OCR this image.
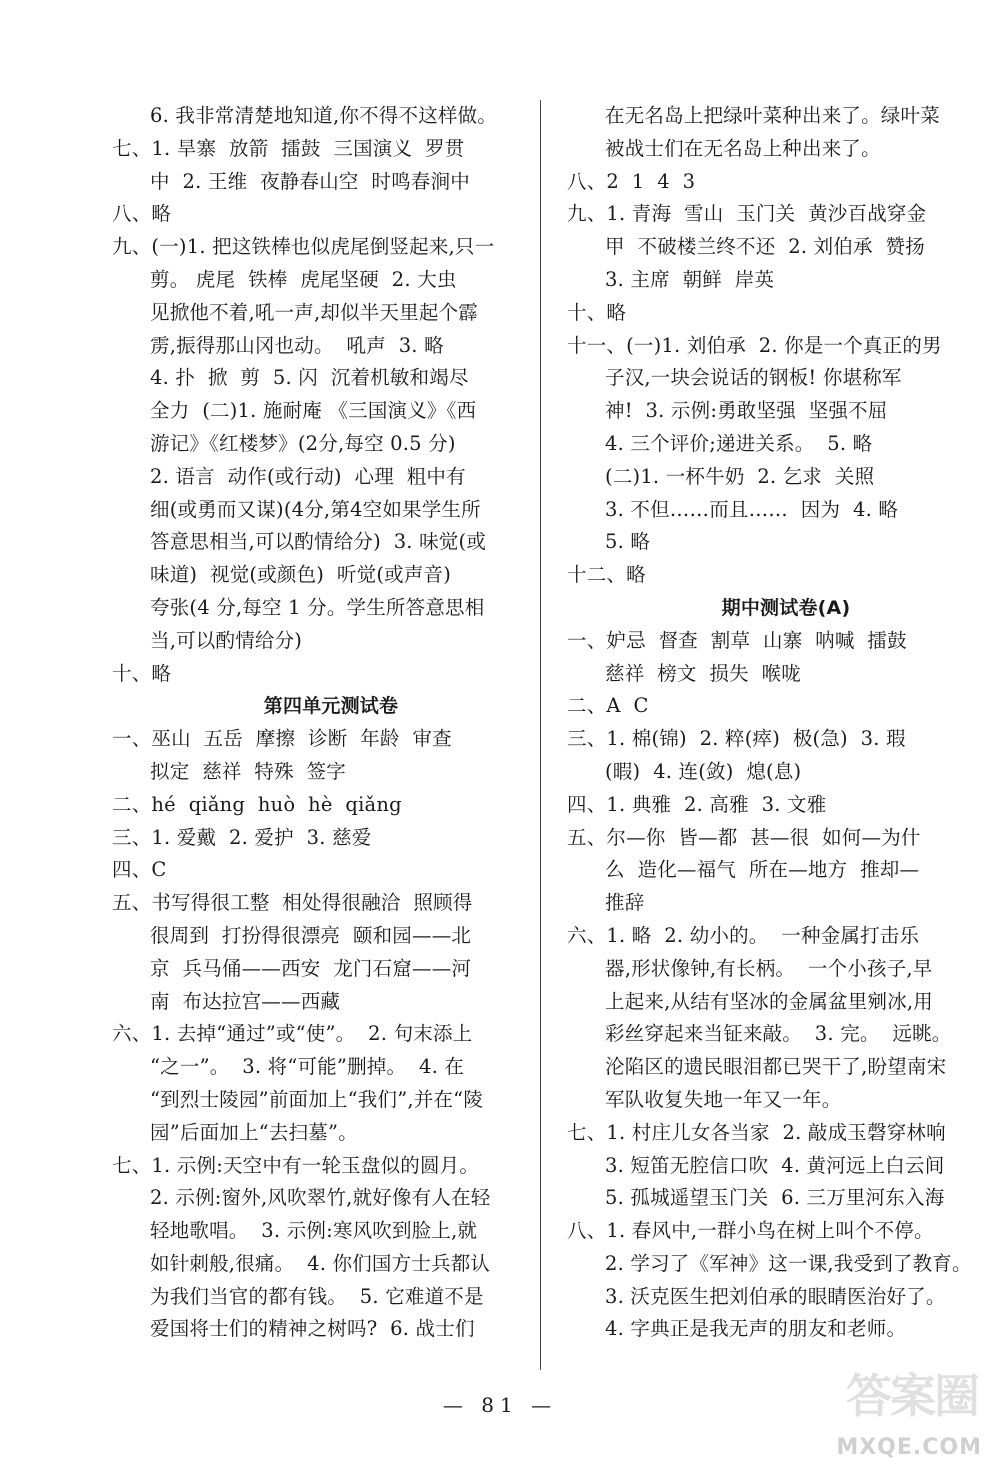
6. 我非常清楚地知道,你不得不这样做。
七、1. 旱寨  放箭  擂鼓  三国演义  罗贯
中  2. 王维  夜静春山空  时鸣春涧中
八、略
九、(一)1. 把这铁棒也似虎尾倒竖起来,只一
剪。 虎尾  铁棒  虎尾坚硬  2. 大虫
见掀他不着,吼一声,却似半天里起个霹
雳,振得那山冈也动。  吼声  3. 略
4. 扑  掀  剪  5. 闪  沉着机敏和竭尽
全力  (二)1. 施耐庵 《三国演义》《西
游记》《红楼梦》(2分,每空 0.5 分)
2. 语言  动作(或行动)  心理  粗中有
细(或勇而又谋)(4分,第4空如果学生所
答意思相当,可以酌情给分)  3. 味觉(或
味道)  视觉(或颜色)  听觉(或声音)
夸张(4 分,每空 1 分。学生所答意思相
当,可以酌情给分)
十、略
第四单元测试卷
一、巫山  五岳  摩擦  诊断  年龄  审查
拟定  慈祥  特殊  签字
二、hé  qiǎng  huò  hè  qiǎng
三、1. 爱戴  2. 爱护  3. 慈爱
四、C
五、书写得很工整  相处得很融洽  照顾得
很周到  打扮得很漂亮  颐和园——北
京  兵马俑——西安  龙门石窟——河
南  布达拉宫——西藏
六、1. 去掉“通过”或“使”。  2. 句末添上
“之一”。  3. 将“可能”删掉。  4. 在
“到烈士陵园”前面加上“我们”,并在“陵
园”后面加上“去扫墓”。
七、1. 示例:天空中有一轮玉盘似的圆月。
2. 示例:窗外,风吹翠竹,就好像有人在轻
轻地歌唱。  3. 示例:寒风吹到脸上,就
如针刺般,很痛。  4. 你们国方士兵都认
为我们当官的都有钱。  5. 它难道不是
爱国将士们的精神之树吗?  6. 战士们
在无名岛上把绿叶菜种出来了。绿叶菜
被战士们在无名岛上种出来了。
八、2  1  4  3
九、1. 青海  雪山  玉门关  黄沙百战穿金
甲  不破楼兰终不还  2. 刘伯承  赞扬
3. 主席  朝鲜  岸英
十、略
十一、(一)1. 刘伯承  2. 你是一个真正的男
子汉,一块会说话的钢板! 你堪称军
神!  3. 示例:勇敢坚强  坚强不屈
4. 三个评价;递进关系。  5. 略
(二)1. 一杯牛奶  2. 乞求  关照
3. 不但……而且……  因为  4. 略
5. 略
十二、略
期中测试卷(A)
一、妒忌  督查  割草  山寨  呐喊  擂鼓
慈祥  榜文  损失  喉咙
二、A  C
三、1. 棉(锦)  2. 粹(瘁)  极(急)  3. 瑕
(暇)  4. 连(敛)  熄(息)
四、1. 典雅  2. 高雅  3. 文雅
五、尔—你  皆—都  甚—很  如何—为什
么  造化—福气  所在—地方  推却—
推辞
六、1. 略  2. 幼小的。  一种金属打击乐
器,形状像钟,有长柄。  一个小孩子,早
上起来,从结有坚冰的金属盆里剜冰,用
彩丝穿起来当钲来敲。  3. 完。  远眺。
沦陷区的遗民眼泪都已哭干了,盼望南宋
军队收复失地一年又一年。
七、1. 村庄儿女各当家  2. 敲成玉磬穿林响
3. 短笛无腔信口吹  4. 黄河远上白云间
5. 孤城遥望玉门关  6. 三万里河东入海
八、1. 春风中,一群小鸟在树上叫个不停。
2. 学习了《军神》这一课,我受到了教育。
3. 沃克医生把刘伯承的眼睛医治好了。
4. 字典正是我无声的朋友和老师。
— 81 —	答案圈
MXQE.COM
